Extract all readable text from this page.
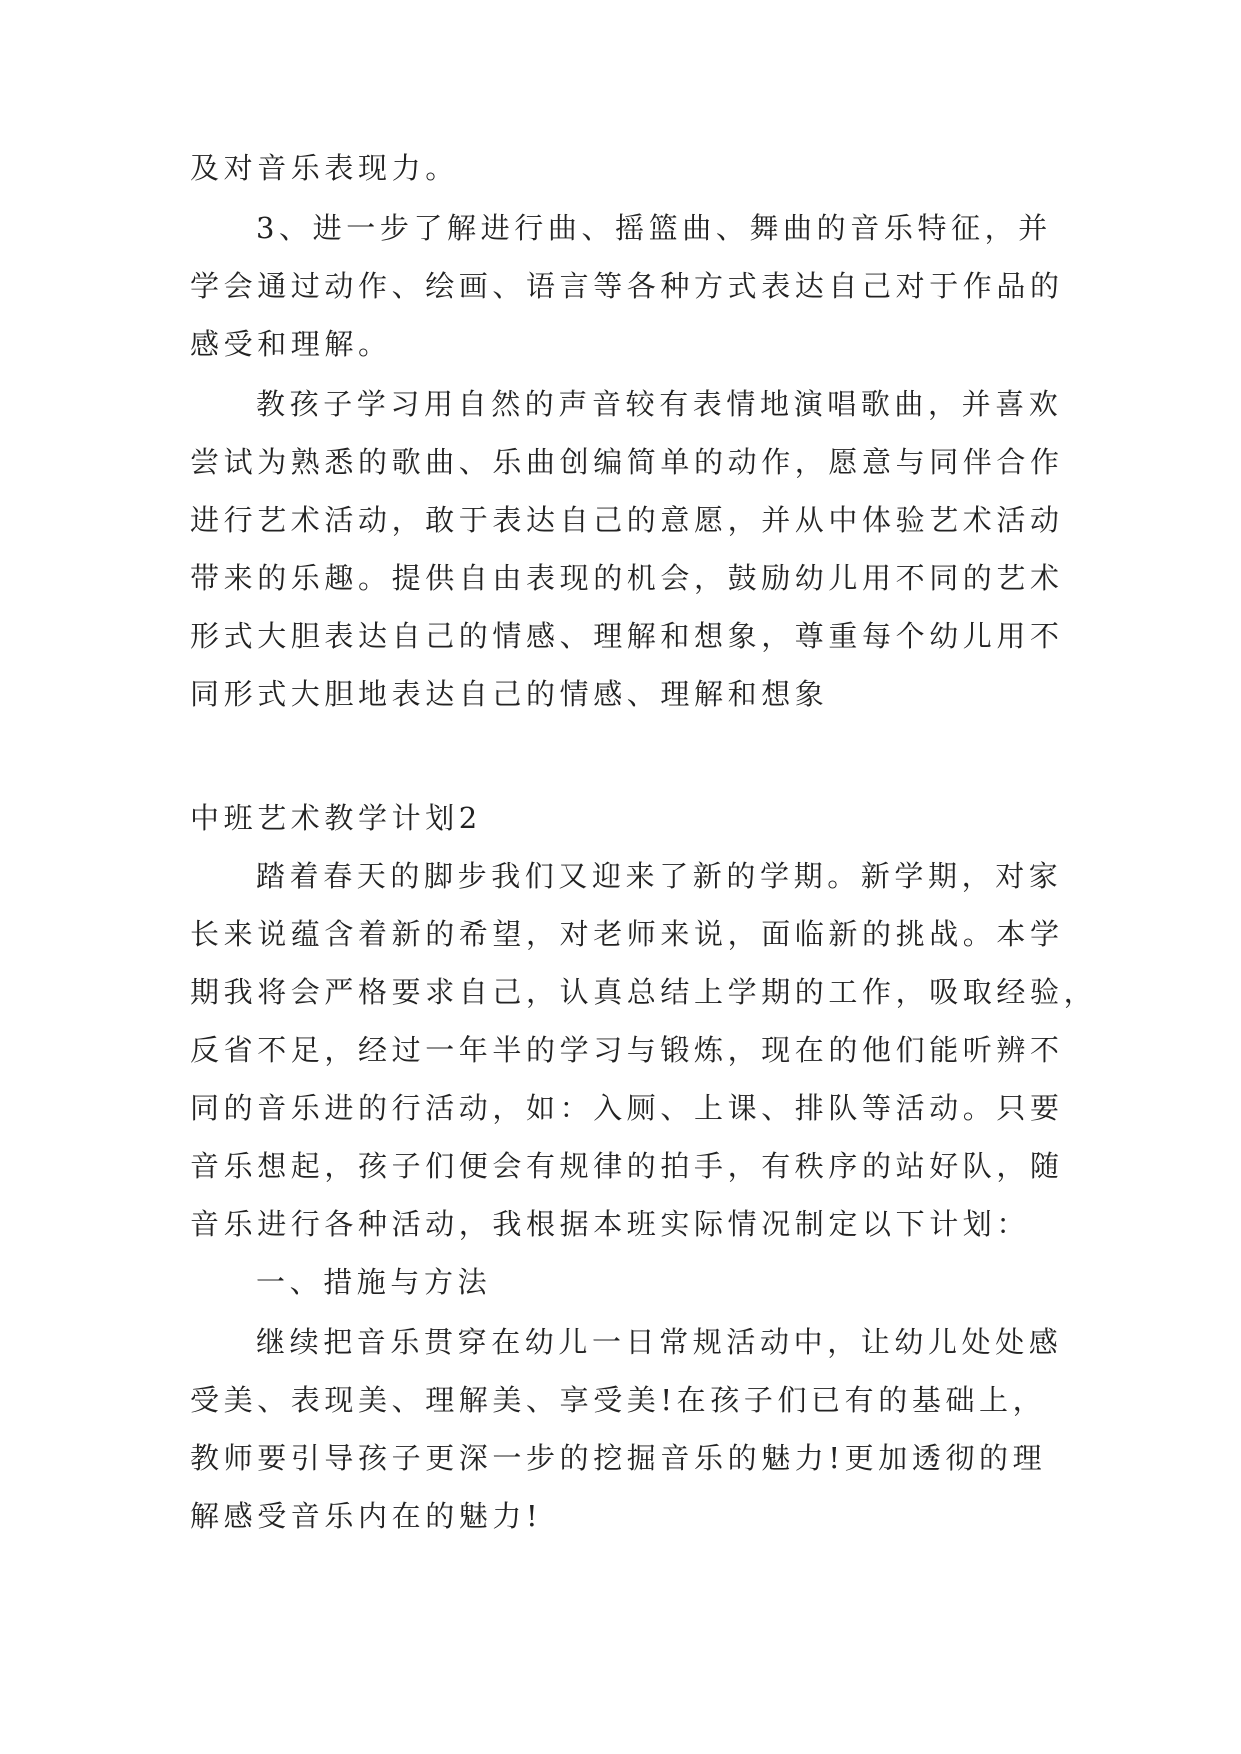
及对音乐表现力。

3、进一步了解进行曲、摇篮曲、舞曲的音乐特征，并

学会通过动作、绘画、语言等各种方式表达自己对于作品的

感受和理解。

教孩子学习用自然的声音较有表情地演唱歌曲，并喜欢

尝试为熟悉的歌曲、乐曲创编简单的动作，愿意与同伴合作

进行艺术活动，敢于表达自己的意愿，并从中体验艺术活动

带来的乐趣。提供自由表现的机会，鼓励幼儿用不同的艺术

形式大胆表达自己的情感、理解和想象，尊重每个幼儿用不

同形式大胆地表达自己的情感、理解和想象

中班艺术教学计划2

踏着春天的脚步我们又迎来了新的学期。新学期，对家

长来说蕴含着新的希望，对老师来说，面临新的挑战。本学

期我将会严格要求自己，认真总结上学期的工作，吸取经验，

反省不足，经过一年半的学习与锻炼，现在的他们能听辨不

同的音乐进的行活动，如：入厕、上课、排队等活动。只要

音乐想起，孩子们便会有规律的拍手，有秩序的站好队，随

音乐进行各种活动，我根据本班实际情况制定以下计划：

一、措施与方法

继续把音乐贯穿在幼儿一日常规活动中，让幼儿处处感

受美、表现美、理解美、享受美!在孩子们已有的基础上，

教师要引导孩子更深一步的挖掘音乐的魅力!更加透彻的理

解感受音乐内在的魅力!
